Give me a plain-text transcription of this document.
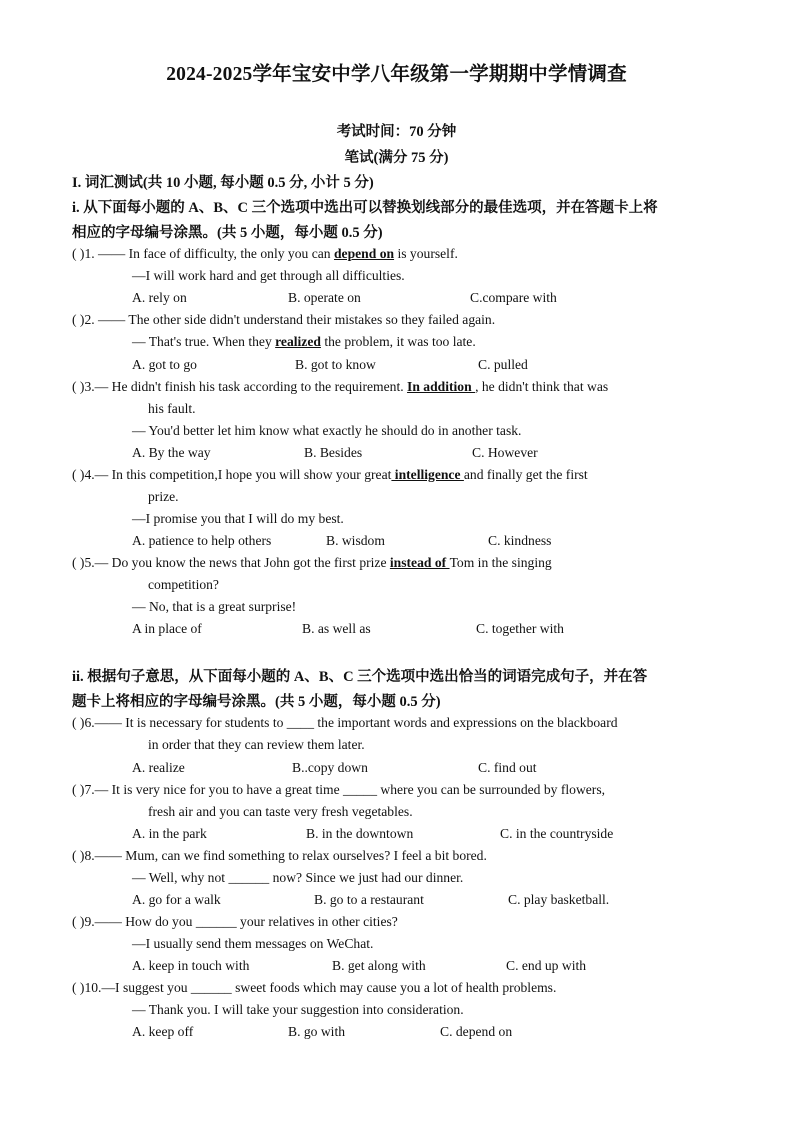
2024-2025学年宝安中学八年级第一学期期中学情调查
考试时间：70 分钟
笔试(满分 75 分)
I. 词汇测试(共 10 小题, 每小题 0.5 分, 小计 5 分)
i. 从下面每小题的 A、B、C 三个选项中选出可以替换划线部分的最佳选项，并在答题卡上将
相应的字母编号涂黑。(共 5 小题，每小题 0.5 分)
( )1. —— In face of difficulty, the only you can depend on is yourself.
—I will work hard and get through all difficulties.
A. rely on	B. operate on	C.compare with
( )2. —— The other side didn't understand their mistakes so they failed again.
— That's true. When they realized the problem, it was too late.
A. got to go	B. got to know	C. pulled
( )3.— He didn't finish his task according to the requirement. In addition , he didn't think that was
his fault.
— You'd better let him know what exactly he should do in another task.
A. By the way	B. Besides	C. However
( )4.— In this competition,I hope you will show your great intelligence and finally get the first
prize.
—I promise you that I will do my best.
A. patience to help others	B. wisdom	C. kindness
( )5.— Do you know the news that John got the first prize instead of Tom in the singing
competition?
— No, that is a great surprise!
A in place of	B. as well as	C. together with
ii. 根据句子意思，从下面每小题的 A、B、C 三个选项中选出恰当的词语完成句子，并在答
题卡上将相应的字母编号涂黑。(共 5 小题，每小题 0.5 分)
( )6.—— It is necessary for students to ____ the important words and expressions on the blackboard
in order that they can review them later.
A. realize	B..copy down	C. find out
( )7.— It is very nice for you to have a great time _____ where you can be surrounded by flowers,
fresh air and you can taste very fresh vegetables.
A. in the park	B. in the downtown	C. in the countryside
( )8.—— Mum, can we find something to relax ourselves? I feel a bit bored.
— Well, why not ______ now? Since we just had our dinner.
A. go for a walk	B. go to a restaurant	C. play basketball.
( )9.—— How do you ______ your relatives in other cities?
—I usually send them messages on WeChat.
A. keep in touch with	B. get along with	C. end up with
( )10.—I suggest you ______ sweet foods which may cause you a lot of health problems.
— Thank you. I will take your suggestion into consideration.
A. keep off	B. go with	C. depend on
